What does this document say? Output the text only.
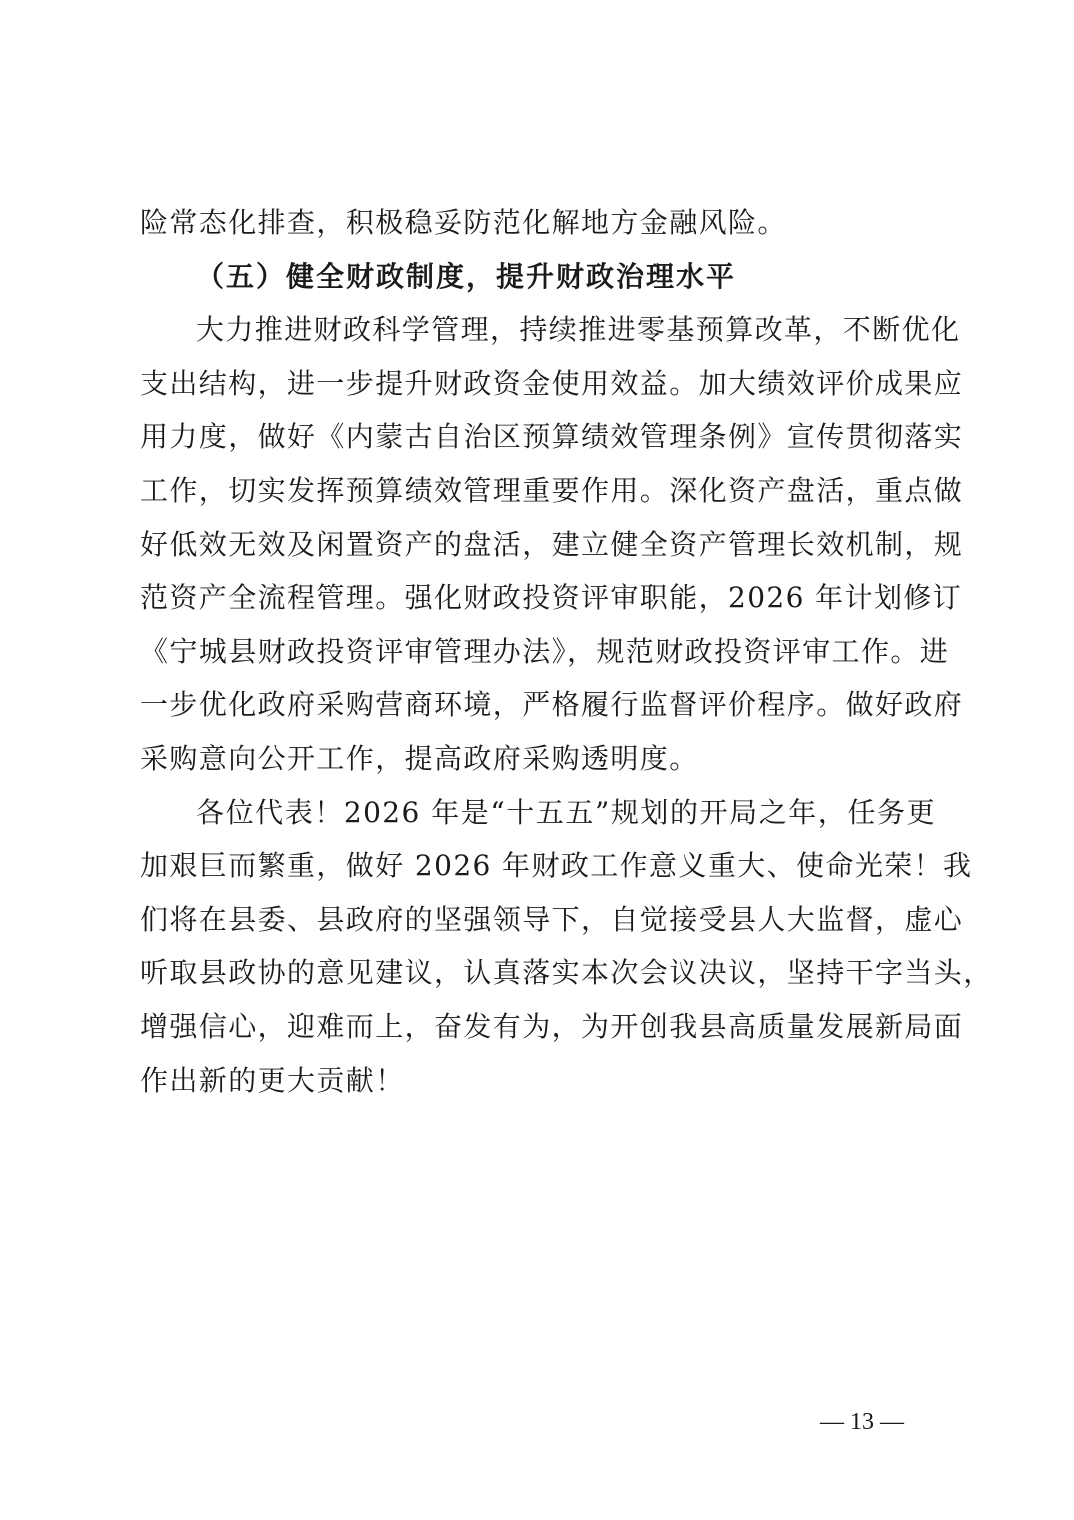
险常态化排查，积极稳妥防范化解地方金融风险。
（五）健全财政制度，提升财政治理水平
大力推进财政科学管理，持续推进零基预算改革，不断优化
支出结构，进一步提升财政资金使用效益。加大绩效评价成果应
用力度，做好《内蒙古自治区预算绩效管理条例》宣传贯彻落实
工作，切实发挥预算绩效管理重要作用。深化资产盘活，重点做
好低效无效及闲置资产的盘活，建立健全资产管理长效机制，规
范资产全流程管理。强化财政投资评审职能，2026 年计划修订
《宁城县财政投资评审管理办法》，规范财政投资评审工作。进
一步优化政府采购营商环境，严格履行监督评价程序。做好政府
采购意向公开工作，提高政府采购透明度。
各位代表！2026 年是“十五五”规划的开局之年，任务更
加艰巨而繁重，做好 2026 年财政工作意义重大、使命光荣！我
们将在县委、县政府的坚强领导下，自觉接受县人大监督，虚心
听取县政协的意见建议，认真落实本次会议决议，坚持干字当头，
增强信心，迎难而上，奋发有为，为开创我县高质量发展新局面
作出新的更大贡献！
— 13 —
